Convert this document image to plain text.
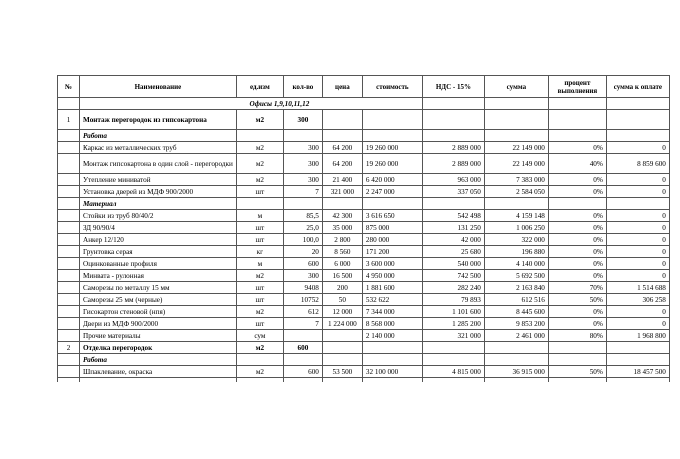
№	Наименование	ед.изм	кол-во	цена	стоимость	НДС - 15%	сумма	процент выполнения	сумма к оплате
	Офисы 1,9,10,11,12								
1	Монтаж перегородок из гипсокартона	м2	300						
	Работа								
	Каркас из металлических труб	м2	300	64 200	19 260 000	2 889 000	22 149 000	0%	0
	Монтаж гипсокартона в один слой - перегородки	м2	300	64 200	19 260 000	2 889 000	22 149 000	40%	8 859 600
	Утепление миниватой	м2	300	21 400	6 420 000	963 000	7 383 000	0%	0
	Установка дверей из МДФ 900/2000	шт	7	321 000	2 247 000	337 050	2 584 050	0%	0
	Материал								
	Стойки из труб 80/40/2	м	85,5	42 300	3 616 650	542 498	4 159 148	0%	0
	ЗД 90/90/4	шт	25,0	35 000	875 000	131 250	1 006 250	0%	0
	Анкер 12/120	шт	100,0	2 800	280 000	42 000	322 000	0%	0
	Грунтовка серая	кг	20	8 560	171 200	25 680	196 880	0%	0
	Оцинкованные профиля	м	600	6 000	3 600 000	540 000	4 140 000	0%	0
	Минвата - рулонная	м2	300	16 500	4 950 000	742 500	5 692 500	0%	0
	Саморезы по металлу 15 мм	шт	9408	200	1 881 600	282 240	2 163 840	70%	1 514 688
	Саморезы 25 мм (черные)	шт	10752	50	532 622	79 893	612 516	50%	306 258
	Гисокартон стеновой (нпя)	м2	612	12 000	7 344 000	1 101 600	8 445 600	0%	0
	Двери из МДФ 900/2000	шт	7	1 224 000	8 568 000	1 285 200	9 853 200	0%	0
	Прочие материалы	сум			2 140 000	321 000	2 461 000	80%	1 968 800
2	Отделка перегородок	м2	600						
	Работа								
	Шпаклевание, окраска	м2	600	53 500	32 100 000	4 815 000	36 915 000	50%	18 457 500
